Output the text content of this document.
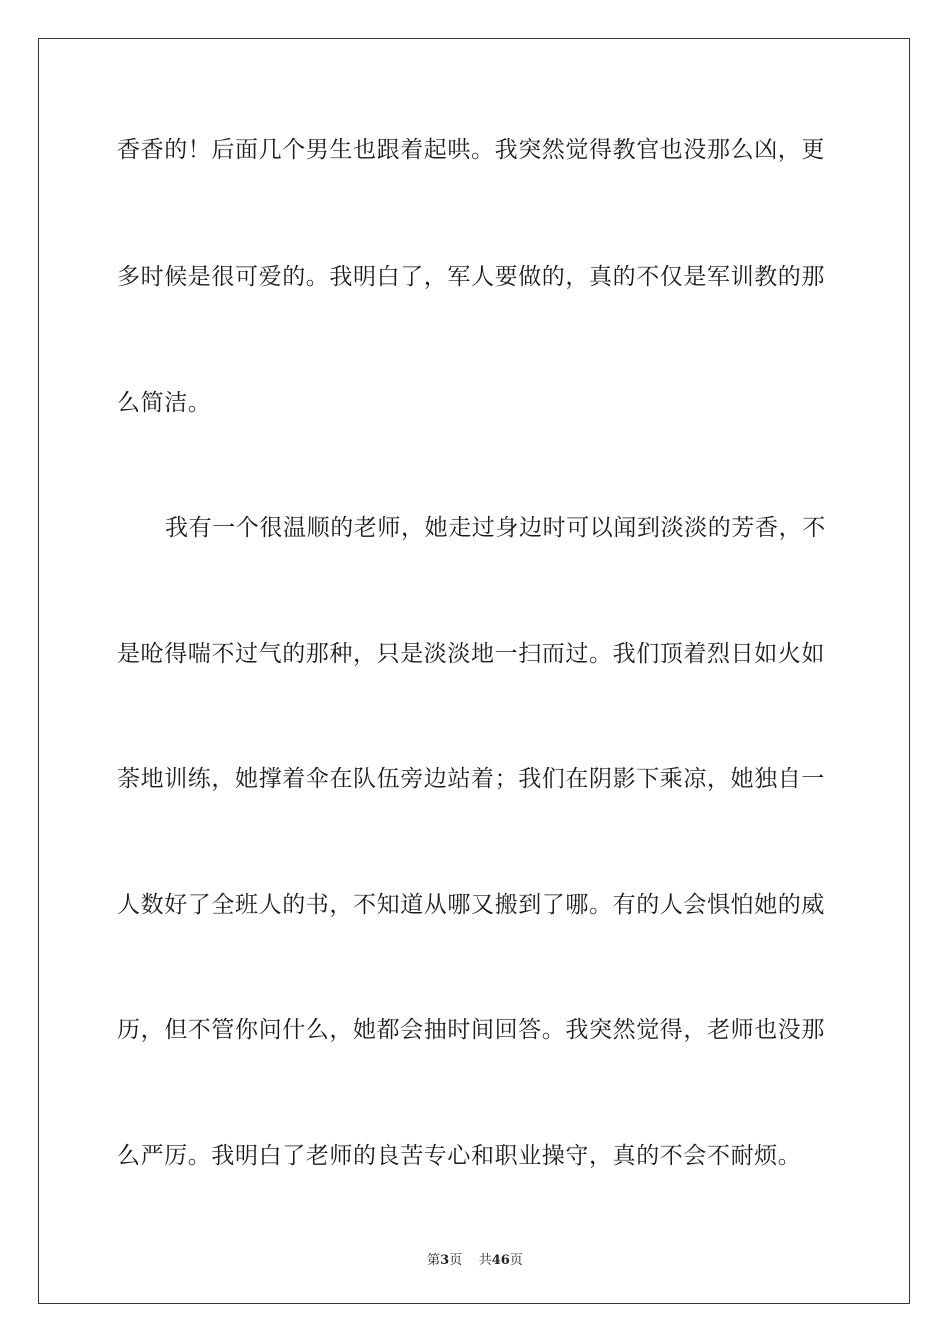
香香的！后面几个男生也跟着起哄。我突然觉得教官也没那么凶，更
多时候是很可爱的。我明白了，军人要做的，真的不仅是军训教的那
么简洁。
我有一个很温顺的老师，她走过身边时可以闻到淡淡的芳香，不
是呛得喘不过气的那种，只是淡淡地一扫而过。我们顶着烈日如火如
荼地训练，她撑着伞在队伍旁边站着；我们在阴影下乘凉，她独自一
人数好了全班人的书，不知道从哪又搬到了哪。有的人会惧怕她的威
历，但不管你问什么，她都会抽时间回答。我突然觉得，老师也没那
么严厉。我明白了老师的良苦专心和职业操守，真的不会不耐烦。
第3页 共46页
